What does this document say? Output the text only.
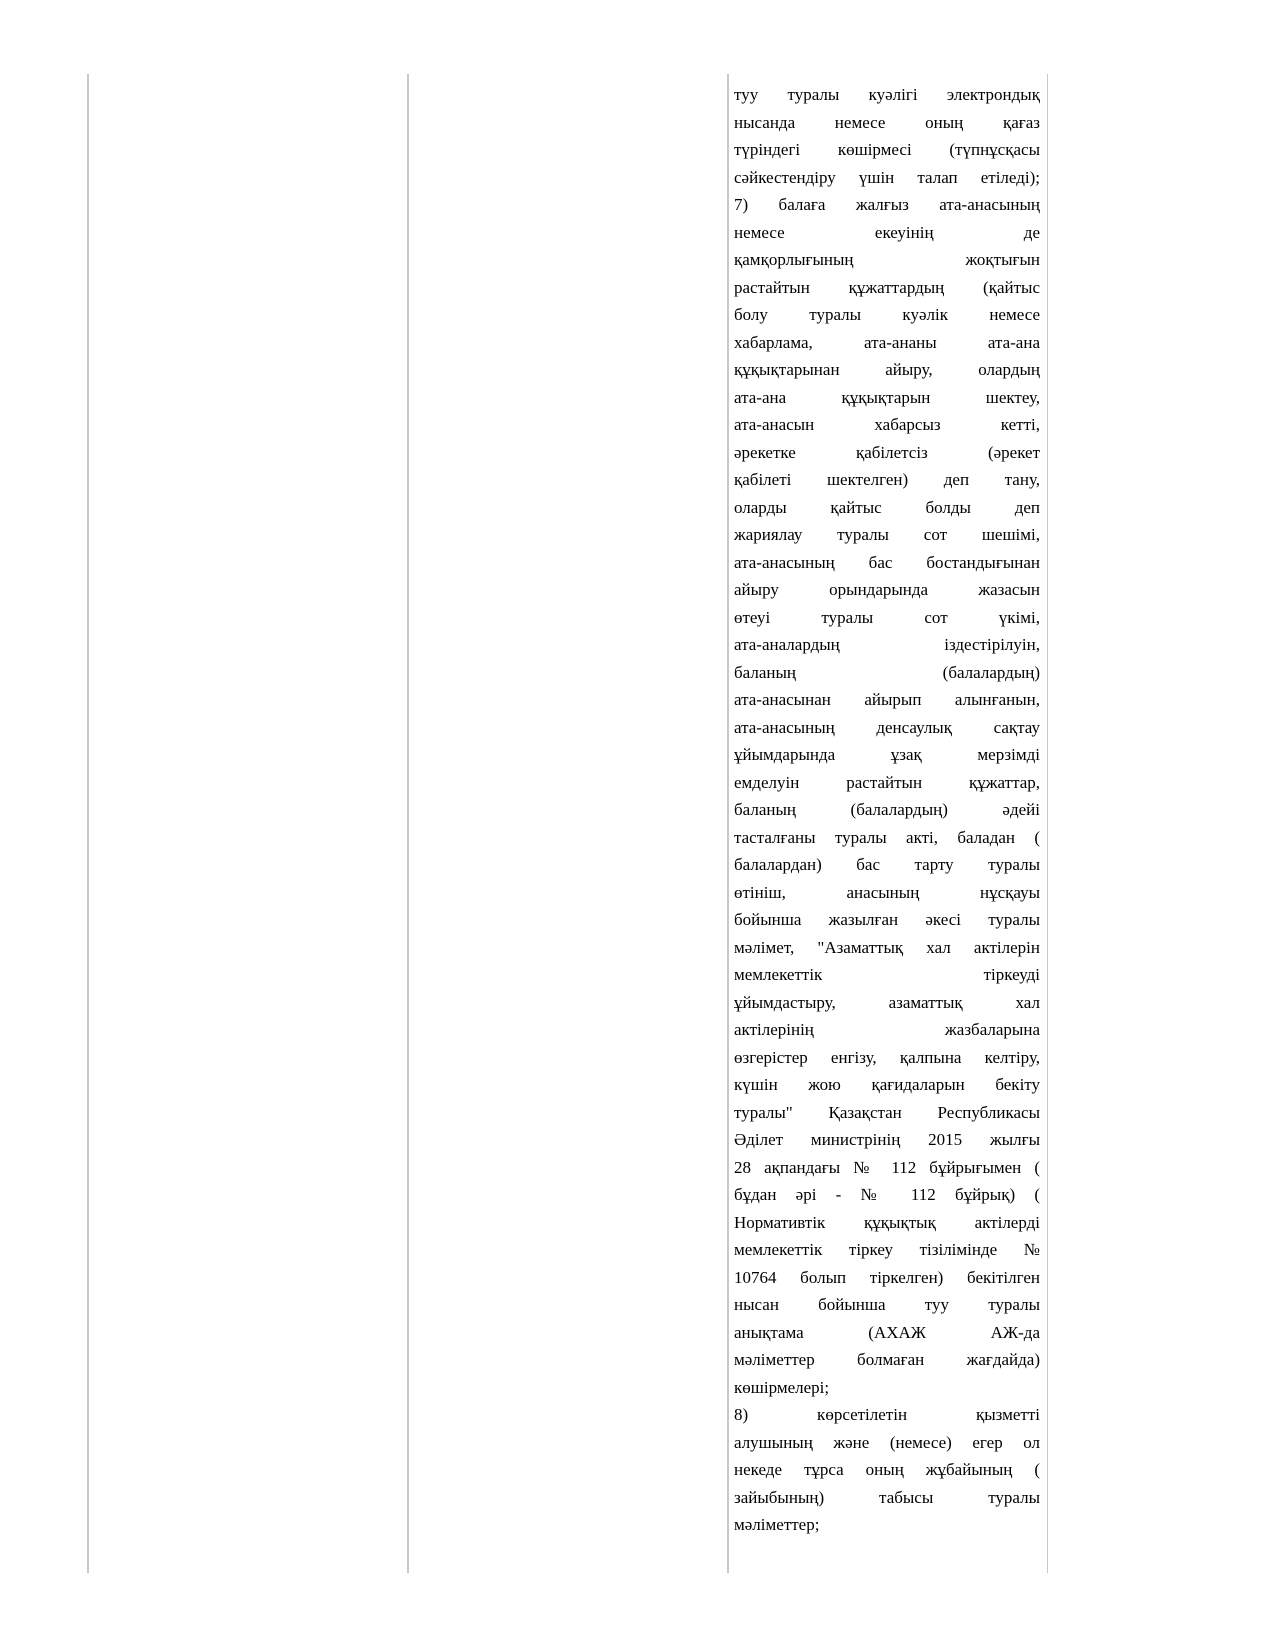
туу туралы куәлігі электрондық
нысанда немесе оның қағаз
түріндегі көшірмесі (түпнұсқасы
сәйкестендіру үшін талап етіледі);
7) балаға жалғыз ата-анасының
немесе екеуінің де
қамқорлығының жоқтығын
растайтын құжаттардың (қайтыс
болу туралы куәлік немесе
хабарлама, ата-ананы ата-ана
құқықтарынан айыру, олардың
ата-ана құқықтарын шектеу,
ата-анасын хабарсыз кетті,
әрекетке қабілетсіз (әрекет
қабілеті шектелген) деп тану,
оларды қайтыс болды деп
жариялау туралы сот шешімі,
ата-анасының бас бостандығынан
айыру орындарында жазасын
өтеуі туралы сот үкімі,
ата-аналардың іздестірілуін,
баланың (балалардың)
ата-анасынан айырып алынғанын,
ата-анасының денсаулық сақтау
ұйымдарында ұзақ мерзімді
емделуін растайтын құжаттар,
баланың (балалардың) әдейі
тасталғаны туралы акті, баладан (
балалардан) бас тарту туралы
өтініш, анасының нұсқауы
бойынша жазылған әкесі туралы
мәлімет, "Азаматтық хал актілерін
мемлекеттік тіркеуді
ұйымдастыру, азаматтық хал
актілерінің жазбаларына
өзгерістер енгізу, қалпына келтіру,
күшін жою қағидаларын бекіту
туралы" Қазақстан Республикасы
Әділет министрінің 2015 жылғы
28 ақпандағы № 112 бұйрығымен (
бұдан әрі - № 112 бұйрық) (
Нормативтік құқықтық актілерді
мемлекеттік тіркеу тізілімінде №
10764 болып тіркелген) бекітілген
нысан бойынша туу туралы
анықтама (АХАЖ АЖ-да
мәліметтер болмаған жағдайда)
көшірмелері;
8) көрсетілетін қызметті
алушының және (немесе) егер ол
некеде тұрса оның жұбайының (
зайыбының) табысы туралы
мәліметтер;
